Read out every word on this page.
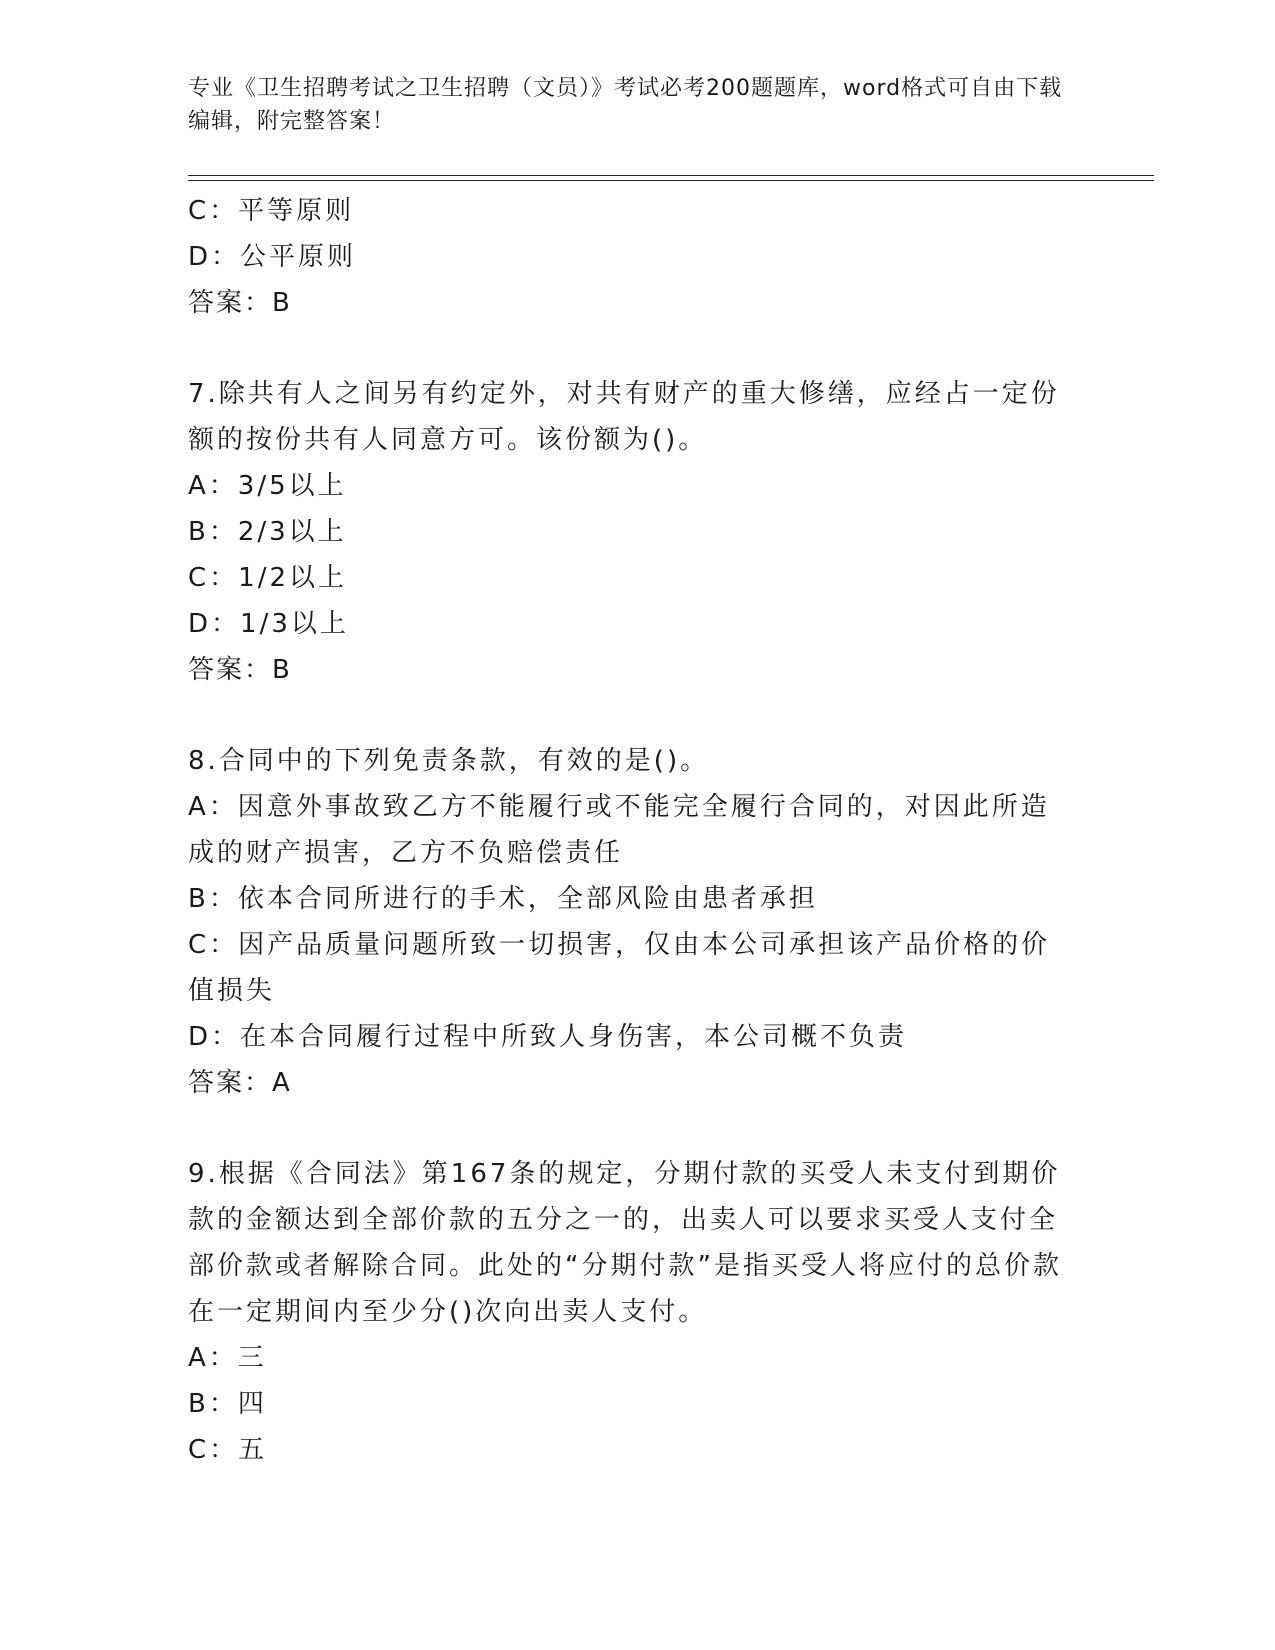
专业《卫生招聘考试之卫生招聘（文员）》考试必考200题题库，word格式可自由下载编辑，附完整答案！
C：平等原则
D：公平原则
答案：B
7.除共有人之间另有约定外，对共有财产的重大修缮，应经占一定份额的按份共有人同意方可。该份额为()。
A：3/5以上
B：2/3以上
C：1/2以上
D：1/3以上
答案：B
8.合同中的下列免责条款，有效的是()。
A：因意外事故致乙方不能履行或不能完全履行合同的，对因此所造成的财产损害，乙方不负赔偿责任
B：依本合同所进行的手术，全部风险由患者承担
C：因产品质量问题所致一切损害，仅由本公司承担该产品价格的价值损失
D：在本合同履行过程中所致人身伤害，本公司概不负责
答案：A
9.根据《合同法》第167条的规定，分期付款的买受人未支付到期价款的金额达到全部价款的五分之一的，出卖人可以要求买受人支付全部价款或者解除合同。此处的“分期付款”是指买受人将应付的总价款在一定期间内至少分()次向出卖人支付。
A：三
B：四
C：五
